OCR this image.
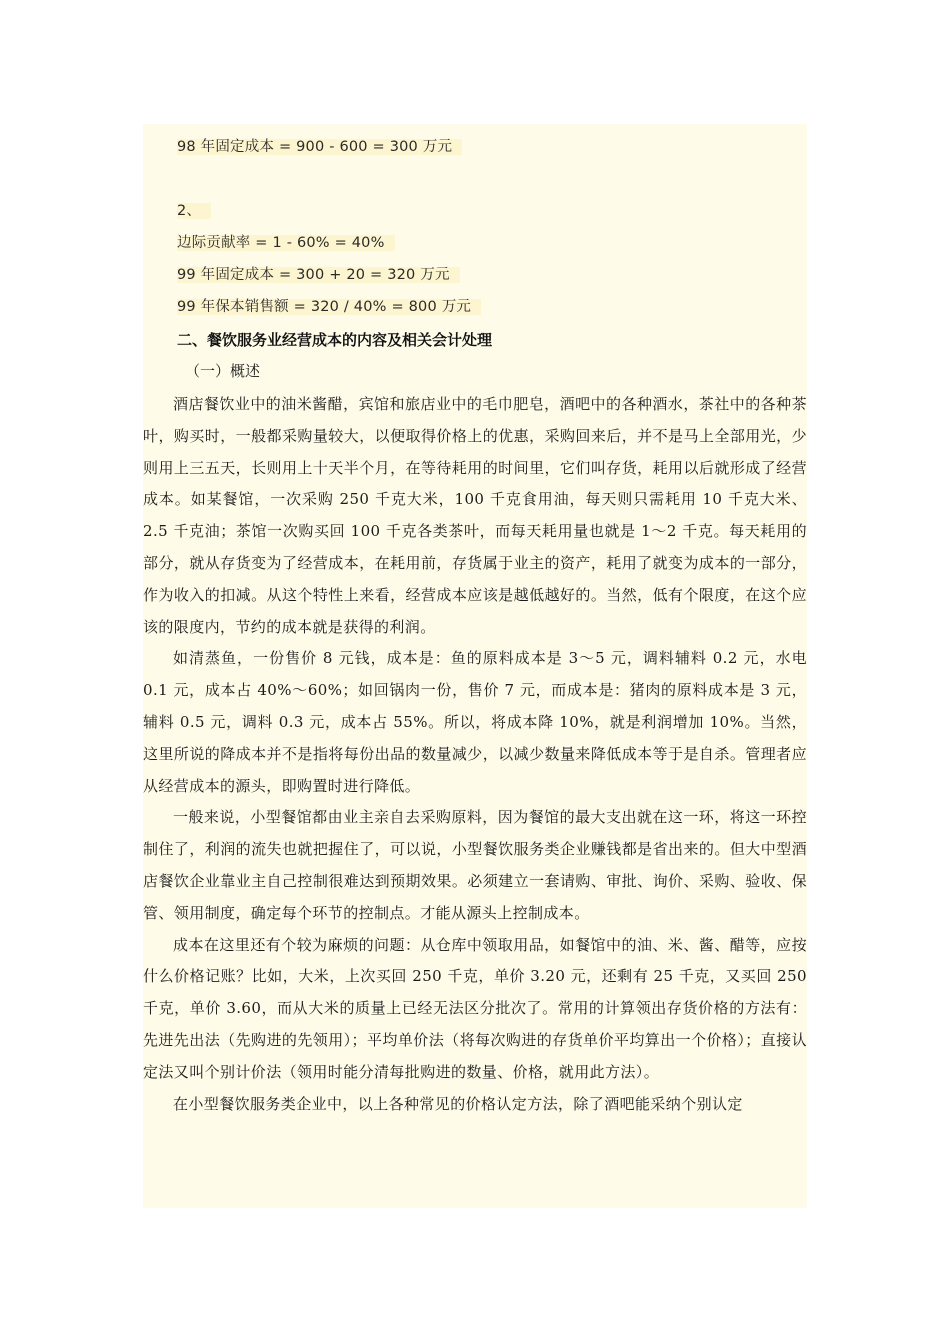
98 年固定成本 = 900 - 600 = 300 万元
2、
边际贡献率 = 1 - 60% = 40%
99 年固定成本 = 300 + 20 = 320 万元
99 年保本销售额 = 320 / 40% = 800 万元
二、餐饮服务业经营成本的内容及相关会计处理
（一）概述

酒店餐饮业中的油米酱醋，宾馆和旅店业中的毛巾肥皂，酒吧中的各种酒水，茶社中的各种茶叶，购买时，一般都采购量较大，以便取得价格上的优惠，采购回来后，并不是马上全部用光，少则用上三五天，长则用上十天半个月，在等待耗用的时间里，它们叫存货，耗用以后就形成了经营成本。如某餐馆，一次采购 250 千克大米，100 千克食用油，每天则只需耗用 10 千克大米、2.5 千克油；茶馆一次购买回 100 千克各类茶叶，而每天耗用量也就是 1～2 千克。每天耗用的部分，就从存货变为了经营成本，在耗用前，存货属于业主的资产，耗用了就变为成本的一部分，作为收入的扣减。从这个特性上来看，经营成本应该是越低越好的。当然，低有个限度，在这个应该的限度内，节约的成本就是获得的利润。

如清蒸鱼，一份售价 8 元钱，成本是：鱼的原料成本是 3～5 元，调料辅料 0.2 元，水电 0.1 元，成本占 40%～60%；如回锅肉一份，售价 7 元，而成本是：猪肉的原料成本是 3 元，辅料 0.5 元，调料 0.3 元，成本占 55%。所以，将成本降 10%，就是利润增加 10%。当然，这里所说的降成本并不是指将每份出品的数量减少，以减少数量来降低成本等于是自杀。管理者应从经营成本的源头，即购置时进行降低。

一般来说，小型餐馆都由业主亲自去采购原料，因为餐馆的最大支出就在这一环，将这一环控制住了，利润的流失也就把握住了，可以说，小型餐饮服务类企业赚钱都是省出来的。但大中型酒店餐饮企业靠业主自己控制很难达到预期效果。必须建立一套请购、审批、询价、采购、验收、保管、领用制度，确定每个环节的控制点。才能从源头上控制成本。

成本在这里还有个较为麻烦的问题：从仓库中领取用品，如餐馆中的油、米、酱、醋等，应按什么价格记账？比如，大米，上次买回 250 千克，单价 3.20 元，还剩有 25 千克，又买回 250 千克，单价 3.60，而从大米的质量上已经无法区分批次了。常用的计算领出存货价格的方法有：先进先出法（先购进的先领用）；平均单价法（将每次购进的存货单价平均算出一个价格）；直接认定法又叫个别计价法（领用时能分清每批购进的数量、价格，就用此方法）。

在小型餐饮服务类企业中，以上各种常见的价格认定方法，除了酒吧能采纳个别认定
